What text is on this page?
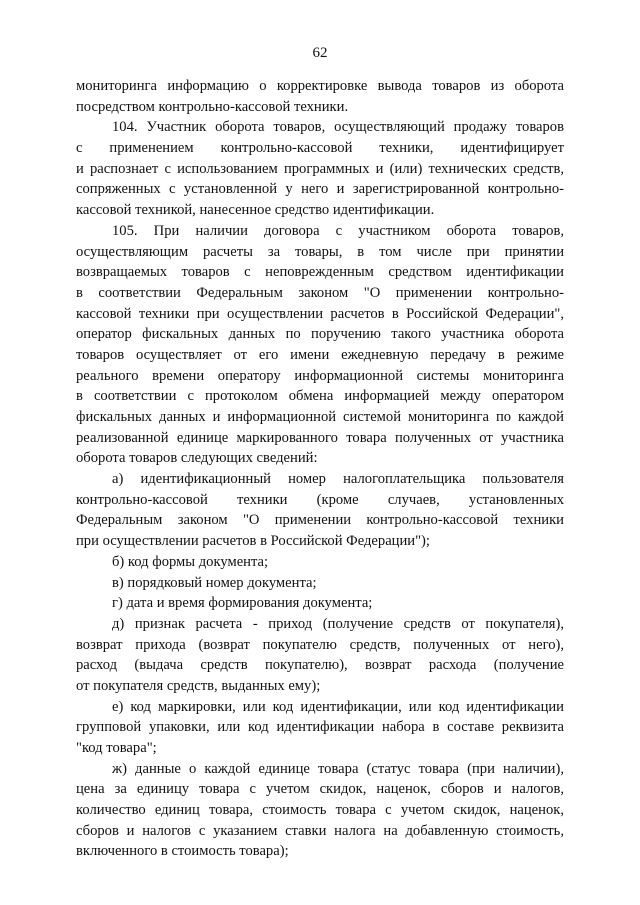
62
мониторинга информацию о корректировке вывода товаров из оборота
посредством контрольно-кассовой техники.
104. Участник оборота товаров, осуществляющий продажу товаров
с применением контрольно-кассовой техники, идентифицирует
и распознает с использованием программных и (или) технических средств,
сопряженных с установленной у него и зарегистрированной контрольно-
кассовой техникой, нанесенное средство идентификации.
105. При наличии договора с участником оборота товаров,
осуществляющим расчеты за товары, в том числе при принятии
возвращаемых товаров с неповрежденным средством идентификации
в соответствии Федеральным законом "О применении контрольно-
кассовой техники при осуществлении расчетов в Российской Федерации",
оператор фискальных данных по поручению такого участника оборота
товаров осуществляет от его имени ежедневную передачу в режиме
реального времени оператору информационной системы мониторинга
в соответствии с протоколом обмена информацией между оператором
фискальных данных и информационной системой мониторинга по каждой
реализованной единице маркированного товара полученных от участника
оборота товаров следующих сведений:
а) идентификационный номер налогоплательщика пользователя
контрольно-кассовой техники (кроме случаев, установленных
Федеральным законом "О применении контрольно-кассовой техники
при осуществлении расчетов в Российской Федерации");
б) код формы документа;
в) порядковый номер документа;
г) дата и время формирования документа;
д) признак расчета - приход (получение средств от покупателя),
возврат прихода (возврат покупателю средств, полученных от него),
расход (выдача средств покупателю), возврат расхода (получение
от покупателя средств, выданных ему);
е) код маркировки, или код идентификации, или код идентификации
групповой упаковки, или код идентификации набора в составе реквизита
"код товара";
ж) данные о каждой единице товара (статус товара (при наличии),
цена за единицу товара с учетом скидок, наценок, сборов и налогов,
количество единиц товара, стоимость товара с учетом скидок, наценок,
сборов и налогов с указанием ставки налога на добавленную стоимость,
включенного в стоимость товара);
